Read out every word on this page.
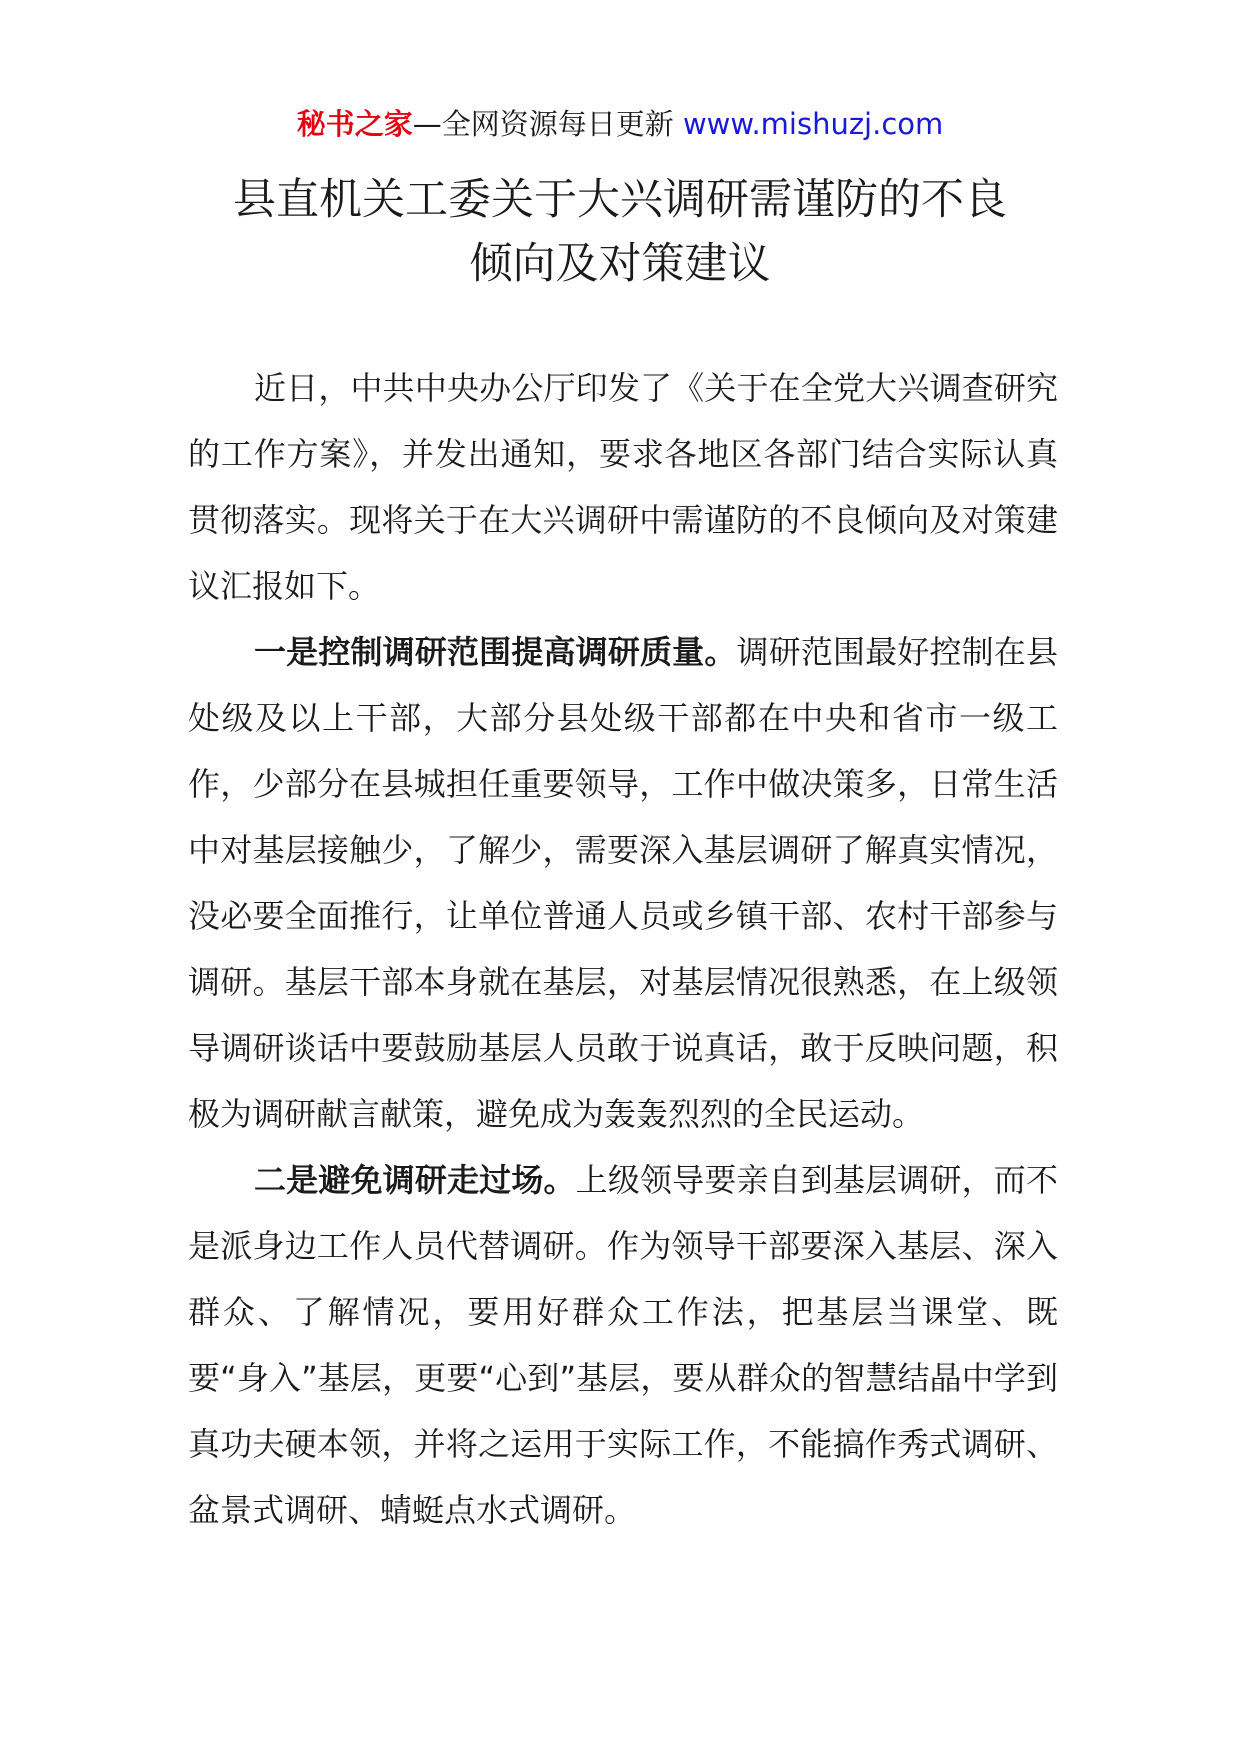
秘书之家—全网资源每日更新 www.mishuzj.com
县直机关工委关于大兴调研需谨防的不良
倾向及对策建议

近日，中共中央办公厅印发了《关于在全党大兴调查研究的工作方案》，并发出通知，要求各地区各部门结合实际认真贯彻落实。现将关于在大兴调研中需谨防的不良倾向及对策建议汇报如下。

一是控制调研范围提高调研质量。调研范围最好控制在县处级及以上干部，大部分县处级干部都在中央和省市一级工作，少部分在县城担任重要领导，工作中做决策多，日常生活中对基层接触少，了解少，需要深入基层调研了解真实情况，没必要全面推行，让单位普通人员或乡镇干部、农村干部参与调研。基层干部本身就在基层，对基层情况很熟悉，在上级领导调研谈话中要鼓励基层人员敢于说真话，敢于反映问题，积极为调研献言献策，避免成为轰轰烈烈的全民运动。

二是避免调研走过场。上级领导要亲自到基层调研，而不是派身边工作人员代替调研。作为领导干部要深入基层、深入群众、了解情况，要用好群众工作法，把基层当课堂、既要“身入”基层，更要“心到”基层，要从群众的智慧结晶中学到真功夫硬本领，并将之运用于实际工作，不能搞作秀式调研、盆景式调研、蜻蜓点水式调研。
